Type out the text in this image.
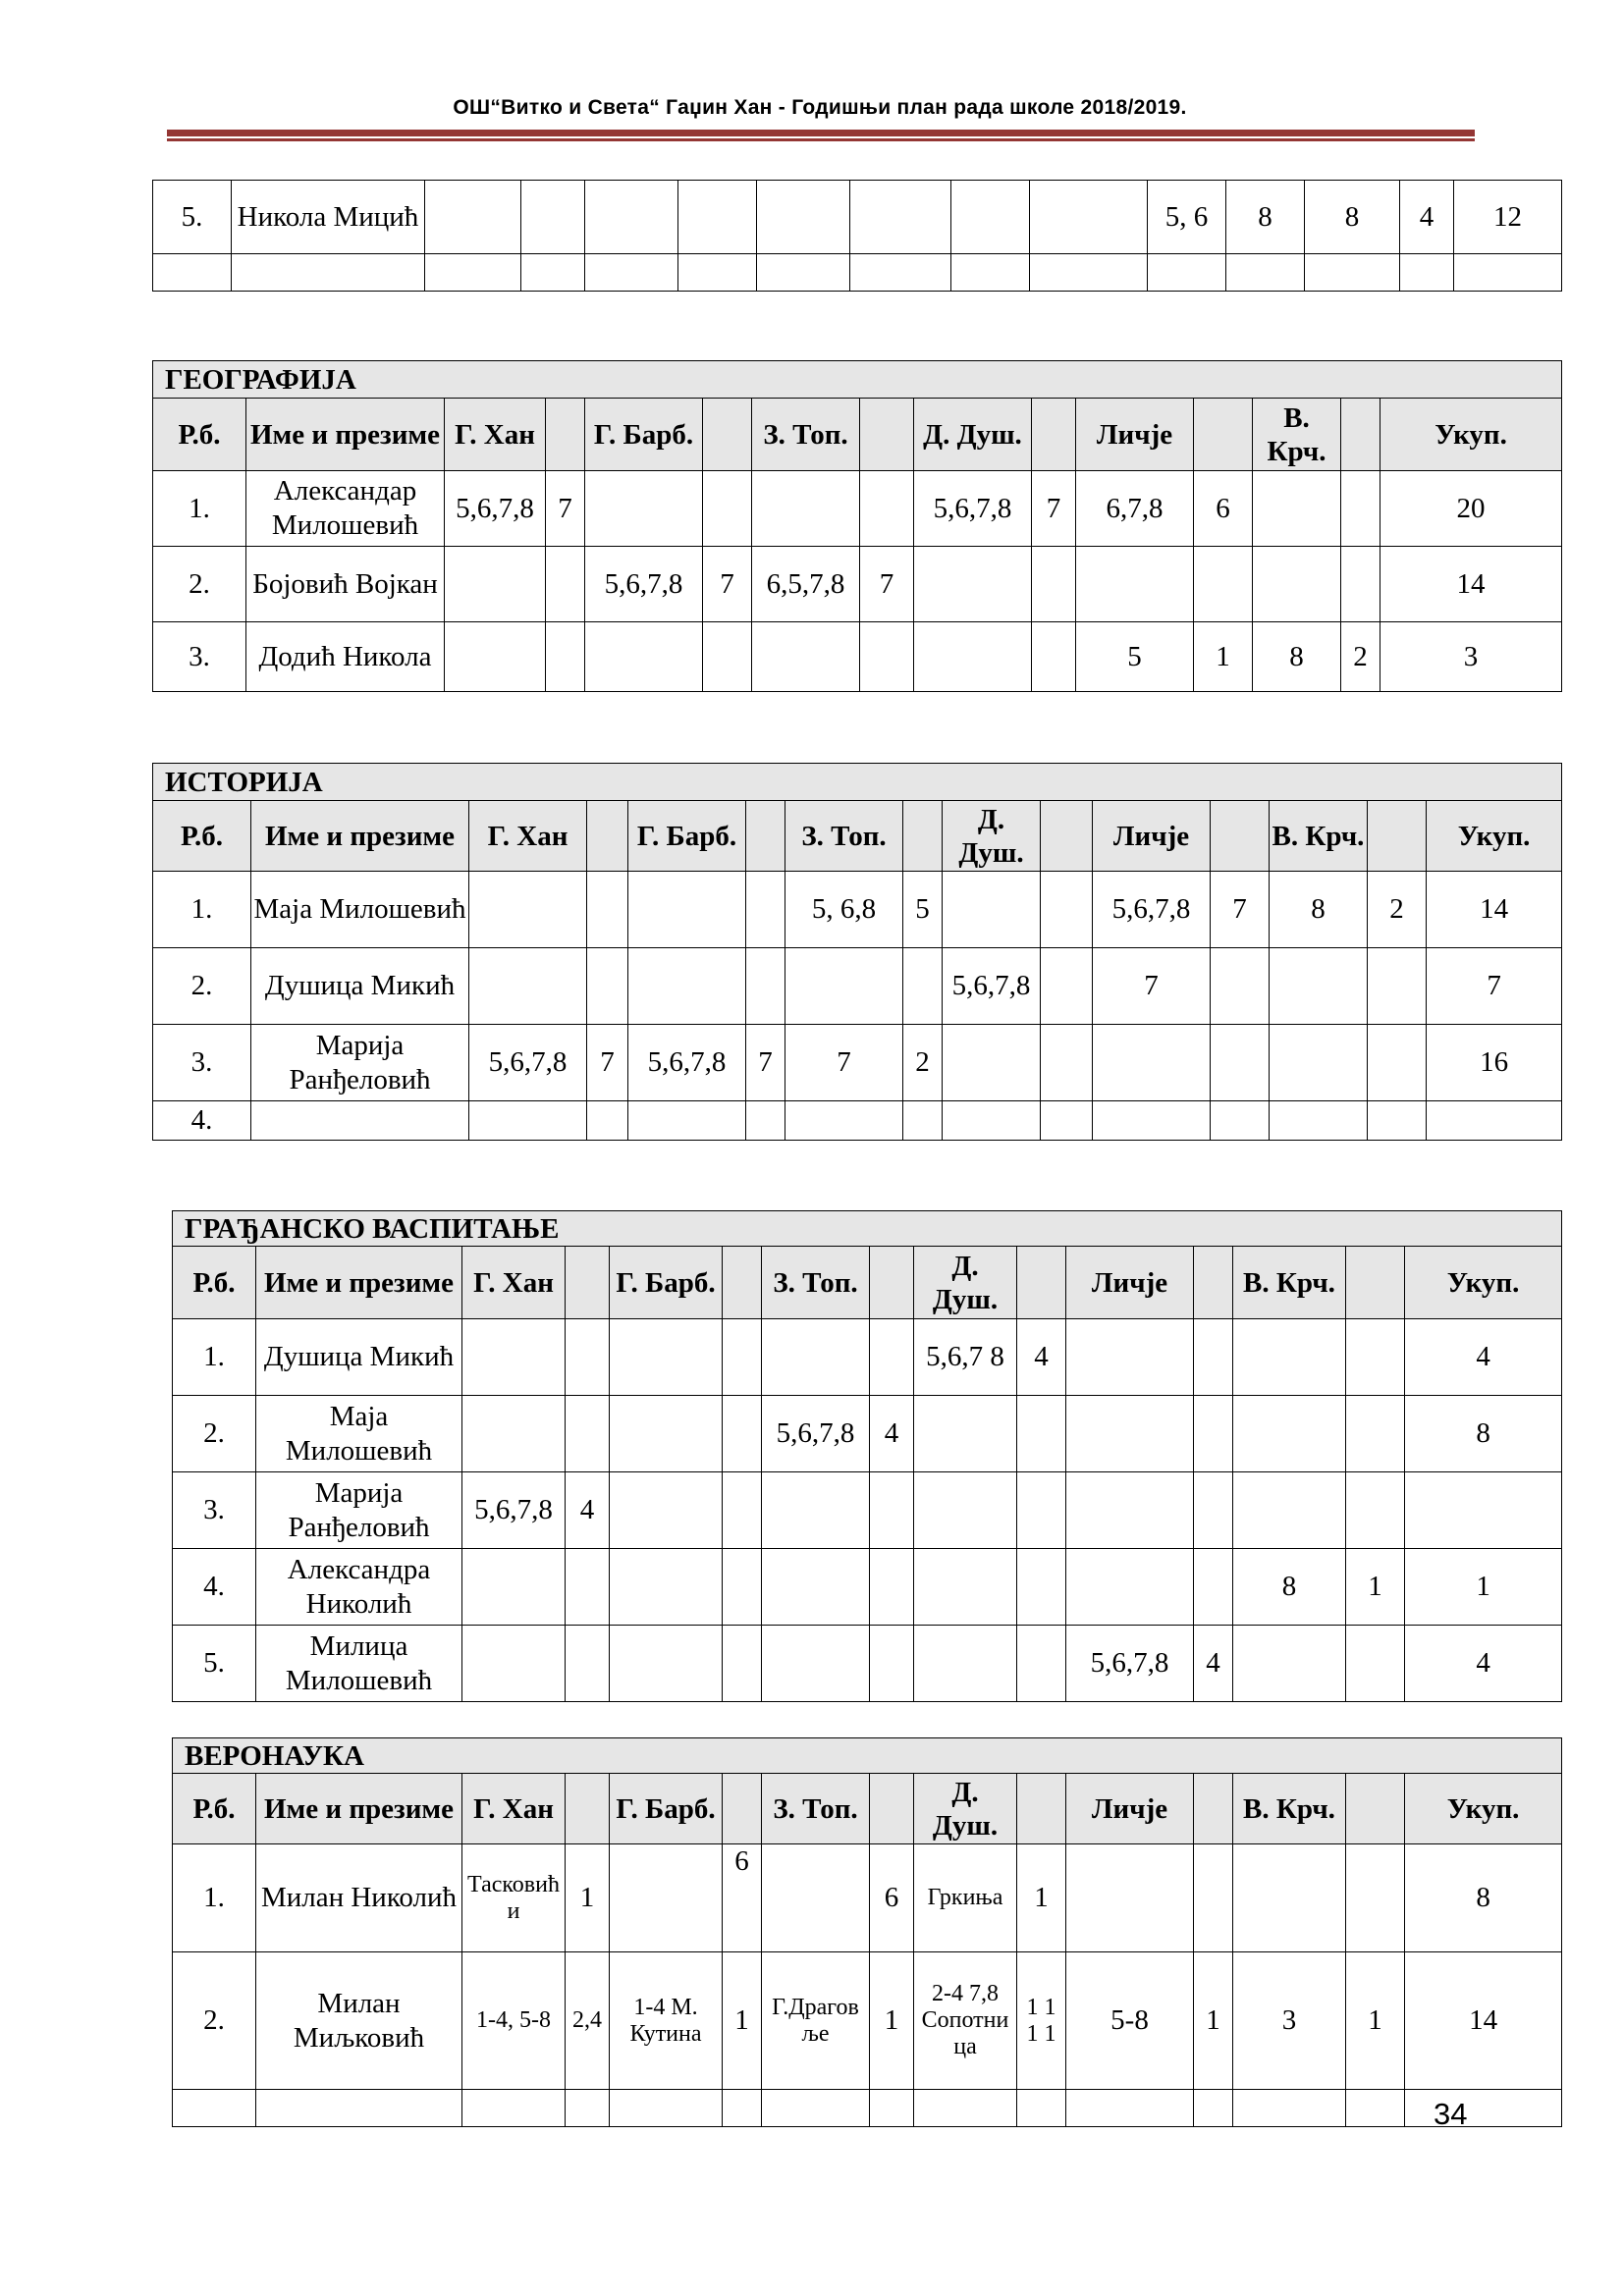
ОШ“Витко и Света“ Гаџин Хан - Годишњи план рада школе 2018/2019.
5.	Никола Мицић									5, 6	8	8	4	12

ГЕОГРАФИЈА														
Р.б.	Име и презиме	Г. Хан		Г. Барб.		З. Топ.		Д. Душ.		Личје		В. Крч.		Укуп.
1.	Александар Милошевић	5,6,7,8	7					5,6,7,8	7	6,7,8	6			20
2.	Бојовић Војкан			5,6,7,8	7	6,5,7,8	7							14
3.	Додић Никола									5	1	8	2	3
ИСТОРИЈА														
Р.б.	Име и презиме	Г. Хан		Г. Барб.		З. Топ.		Д. Душ.		Личје		В. Крч.		Укуп.
1.	Маја Милошевић					5, 6,8	5			5,6,7,8	7	8	2	14
2.	Душица Микић							5,6,7,8		7				7
3.	Марија Ранђеловић	5,6,7,8	7	5,6,7,8	7	7	2							16
4.														
ГРАЂАНСКО ВАСПИТАЊЕ														
Р.б.	Име и презиме	Г. Хан		Г. Барб.		З. Топ.		Д. Душ.		Личје		В. Крч.		Укуп.
1.	Душица Микић							5,6,7 8	4					4
2.	Маја Милошевић					5,6,7,8	4							8
3.	Марија Ранђеловић	5,6,7,8	4											
4.	Александра Николић											8	1	1
5.	Милица Милошевић									5,6,7,8	4			4
ВЕРОНАУКА														
Р.б.	Име и презиме	Г. Хан		Г. Барб.		З. Топ.		Д. Душ.		Личје		В. Крч.		Укуп.
1.	Милан Николић	Тасковићи	1		6		6	Гркиња	1					8
2.	Милан Миљковић	1-4, 5-8	2,4	1-4 М. Кутина	1	Г.Драговље	1	2-4 7,8 Сопотница	1 1 1 1	5-8	1	3	1	14

34
